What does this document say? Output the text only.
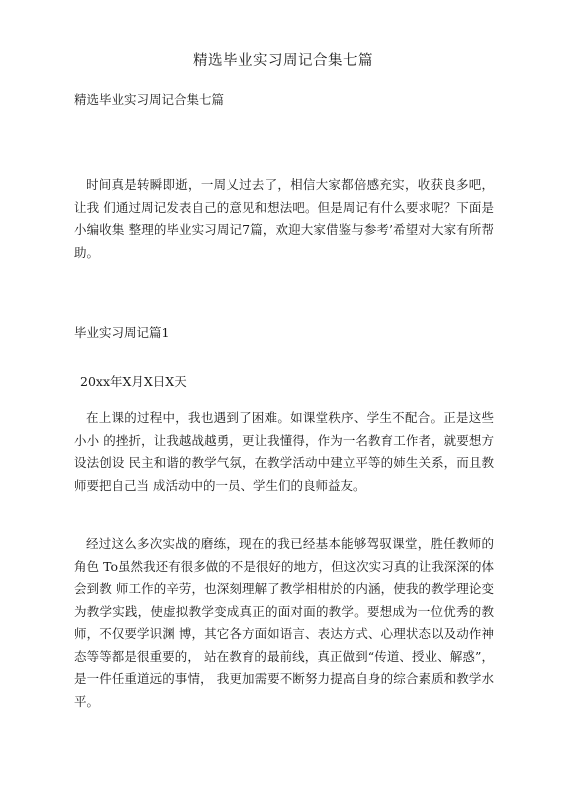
精选毕业实习周记合集七篇
精选毕业实习周记合集七篇

时间真是转瞬即逝，一周乂过去了，相信大家都倍感充实，收获良多吧，让我 们通过周记发表自己的意见和想法吧。但是周记有什么要求呢？下面是小编收集 整理的毕业实习周记7篇，欢迎大家借鉴与参考’希望对大家有所帮助。

毕业实习周记篇1
20xx年X月X日X天

在上课的过程中，我也遇到了困难。如课堂秩序、学生不配合。正是这些小小 的挫折，让我越战越勇，更让我懂得，作为一名教育工作者，就要想方设法创设 民主和谐的教学气氛，在教学活动中建立平等的姉生关系，而且教师要把自己当 成活动中的一员、学生们的良师益友。

经过这么多次实战的磨练，现在的我已经基本能够驾驭课堂，胜任教师的角色 To虽然我还有很多做的不是很好的地方，但这次实习真的让我深深的体会到教 师工作的辛劳，也深刻理解了教学相柑於的内涵，使我的教学理论变为教学实践，使虚拟教学变成真正的面对面的教学。要想成为一位优秀的教师，不仅要学识渊 博，其它各方面如语言、表达方式、心理状态以及动作神态等等都是很重要的， 站在教育的最前线，真正做到“传道、授业、解惑”，是一件任重道远的事情， 我更加需要不断努力提高自身的综合素质和教学水平。
